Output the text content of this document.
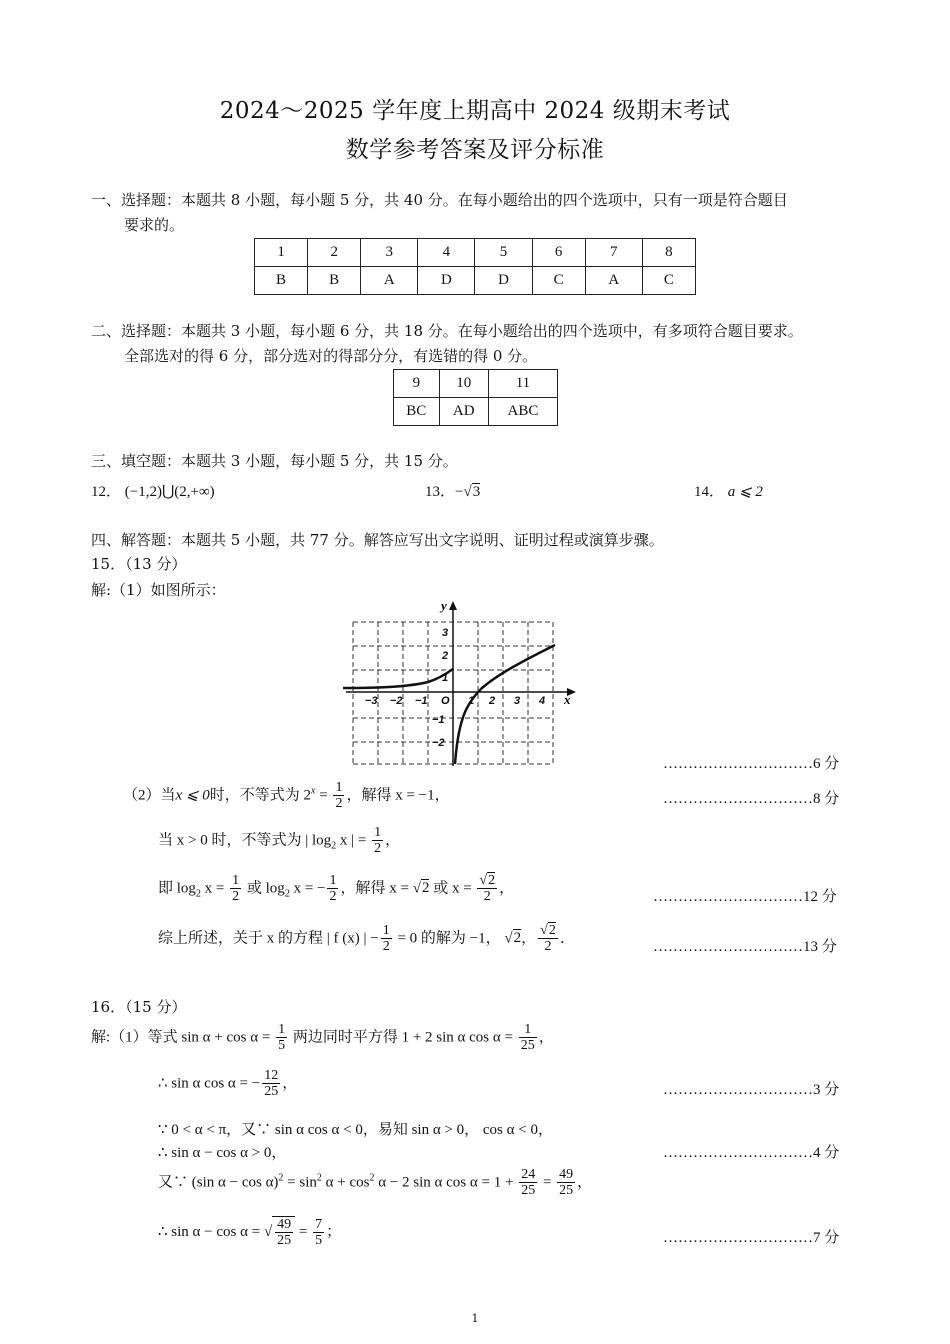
2024～2025 学年度上期高中 2024 级期末考试
数学参考答案及评分标准
一、选择题：本题共 8 小题，每小题 5 分，共 40 分。在每小题给出的四个选项中，只有一项是符合题目
要求的。
1	2	3	4	5	6	7	8
B	B	A	D	D	C	A	C
二、选择题：本题共 3 小题，每小题 6 分，共 18 分。在每小题给出的四个选项中，有多项符合题目要求。
全部选对的得 6 分，部分选对的得部分分，有选错的得 0 分。
9	10	11
BC	AD	ABC
三、填空题：本题共 3 小题，每小题 5 分，共 15 分。
12． (−1,2)⋃(2,+∞)	13．−√3	14． a ⩽ 2
四、解答题：本题共 5 小题，共 77 分。解答应写出文字说明、证明过程或演算步骤。
15．（13 分）
解:（1）如图所示：
y
x
O
−3 −2 −1	1 2 3 4
3
2
1
−1
−2
…………………………6 分
（2）当x ⩽ 0时，不等式为 $2^x = \frac{1}{2}$ ，解得 x = −1，	…………………………8 分
当 x > 0 时，不等式为 | $\log_2 x$ | = $\frac{1}{2}$ ，
即 $\log_2 x = \frac{1}{2}$ 或 $\log_2 x$ = − $\frac{1}{2}$ ，解得 x = √2 或 $x = \frac{√2}{2}$ ，
…………………………12 分
综上所述，关于 x 的方程 | f (x) | − $\frac{1}{2} = 0$ 的解为 −1， √2， $\frac{√2}{2}$ ．
…………………………13 分
16．（15 分）
解:（1）等式 $\sin \alpha + \cos \alpha = \frac{1}{5}$ 两边同时平方得 1 + 2 sin α $\cos \alpha = \frac{1}{25}$ ，
∴ sin α cos α = − $\frac{12}{25}$ ，	…………………………3 分
∵ 0 < α < π，又∵ sin α cos α < 0，易知 sin α > 0， cos α < 0，
∴ sin α − cos α > 0，	…………………………4 分
又∵ (sin $\alpha - \cos \alpha)^2 = \sin^2 \alpha + \cos^2 \alpha - 2$ sin α $\cos \alpha = 1 + \frac{24}{25} = \frac{49}{25}$ ，
∴ sin α − cos α = √ $\frac{49}{25} = \frac{7}{5}$ ；	…………………………7 分
1
